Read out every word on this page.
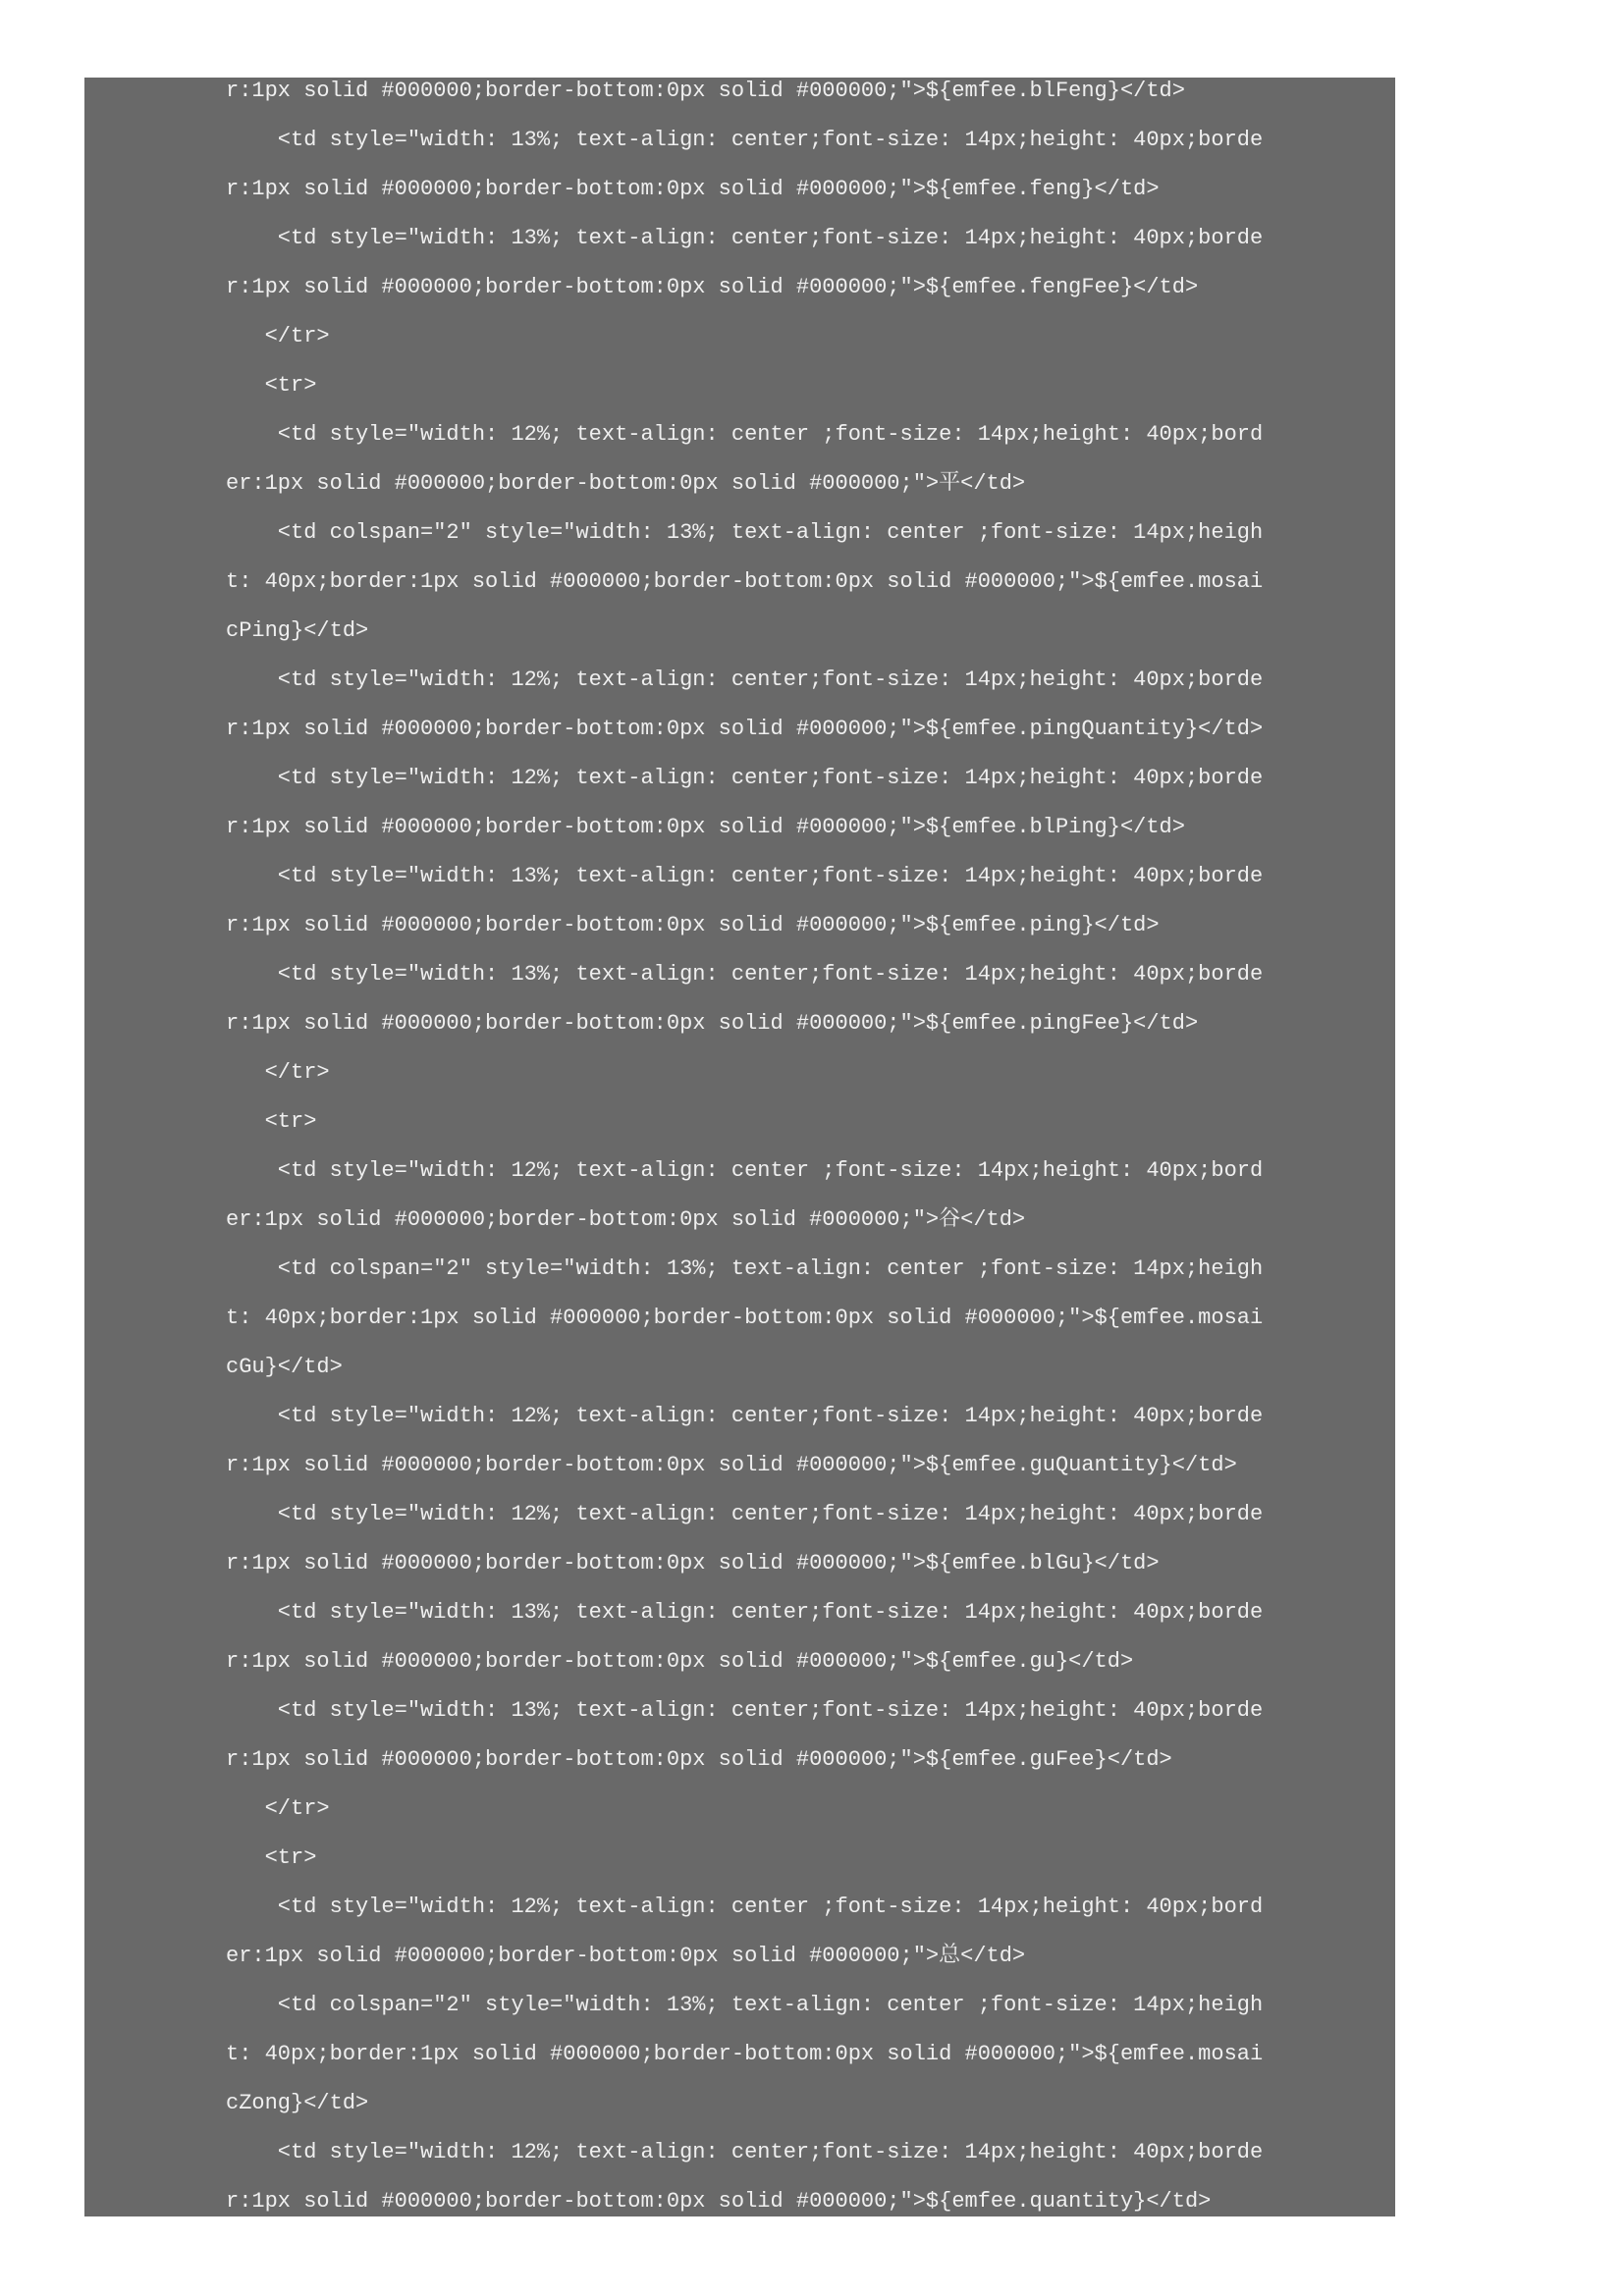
r:1px solid #000000;border-bottom:0px solid #000000;">${emfee.blFeng}</td>
<td style="width: 13%; text-align: center;font-size: 14px;height: 40px;borde
r:1px solid #000000;border-bottom:0px solid #000000;">${emfee.feng}</td>
<td style="width: 13%; text-align: center;font-size: 14px;height: 40px;borde
r:1px solid #000000;border-bottom:0px solid #000000;">${emfee.fengFee}</td>
</tr>
<tr>
<td style="width: 12%; text-align: center ;font-size: 14px;height: 40px;bord
er:1px solid #000000;border-bottom:0px solid #000000;">平</td>
<td colspan="2" style="width: 13%; text-align: center ;font-size: 14px;heigh
t: 40px;border:1px solid #000000;border-bottom:0px solid #000000;">${emfee.mosai
cPing}</td>
<td style="width: 12%; text-align: center;font-size: 14px;height: 40px;borde
r:1px solid #000000;border-bottom:0px solid #000000;">${emfee.pingQuantity}</td>
<td style="width: 12%; text-align: center;font-size: 14px;height: 40px;borde
r:1px solid #000000;border-bottom:0px solid #000000;">${emfee.blPing}</td>
<td style="width: 13%; text-align: center;font-size: 14px;height: 40px;borde
r:1px solid #000000;border-bottom:0px solid #000000;">${emfee.ping}</td>
<td style="width: 13%; text-align: center;font-size: 14px;height: 40px;borde
r:1px solid #000000;border-bottom:0px solid #000000;">${emfee.pingFee}</td>
</tr>
<tr>
<td style="width: 12%; text-align: center ;font-size: 14px;height: 40px;bord
er:1px solid #000000;border-bottom:0px solid #000000;">谷</td>
<td colspan="2" style="width: 13%; text-align: center ;font-size: 14px;heigh
t: 40px;border:1px solid #000000;border-bottom:0px solid #000000;">${emfee.mosai
cGu}</td>
<td style="width: 12%; text-align: center;font-size: 14px;height: 40px;borde
r:1px solid #000000;border-bottom:0px solid #000000;">${emfee.guQuantity}</td>
<td style="width: 12%; text-align: center;font-size: 14px;height: 40px;borde
r:1px solid #000000;border-bottom:0px solid #000000;">${emfee.blGu}</td>
<td style="width: 13%; text-align: center;font-size: 14px;height: 40px;borde
r:1px solid #000000;border-bottom:0px solid #000000;">${emfee.gu}</td>
<td style="width: 13%; text-align: center;font-size: 14px;height: 40px;borde
r:1px solid #000000;border-bottom:0px solid #000000;">${emfee.guFee}</td>
</tr>
<tr>
<td style="width: 12%; text-align: center ;font-size: 14px;height: 40px;bord
er:1px solid #000000;border-bottom:0px solid #000000;">总</td>
<td colspan="2" style="width: 13%; text-align: center ;font-size: 14px;heigh
t: 40px;border:1px solid #000000;border-bottom:0px solid #000000;">${emfee.mosai
cZong}</td>
<td style="width: 12%; text-align: center;font-size: 14px;height: 40px;borde
r:1px solid #000000;border-bottom:0px solid #000000;">${emfee.quantity}</td>
